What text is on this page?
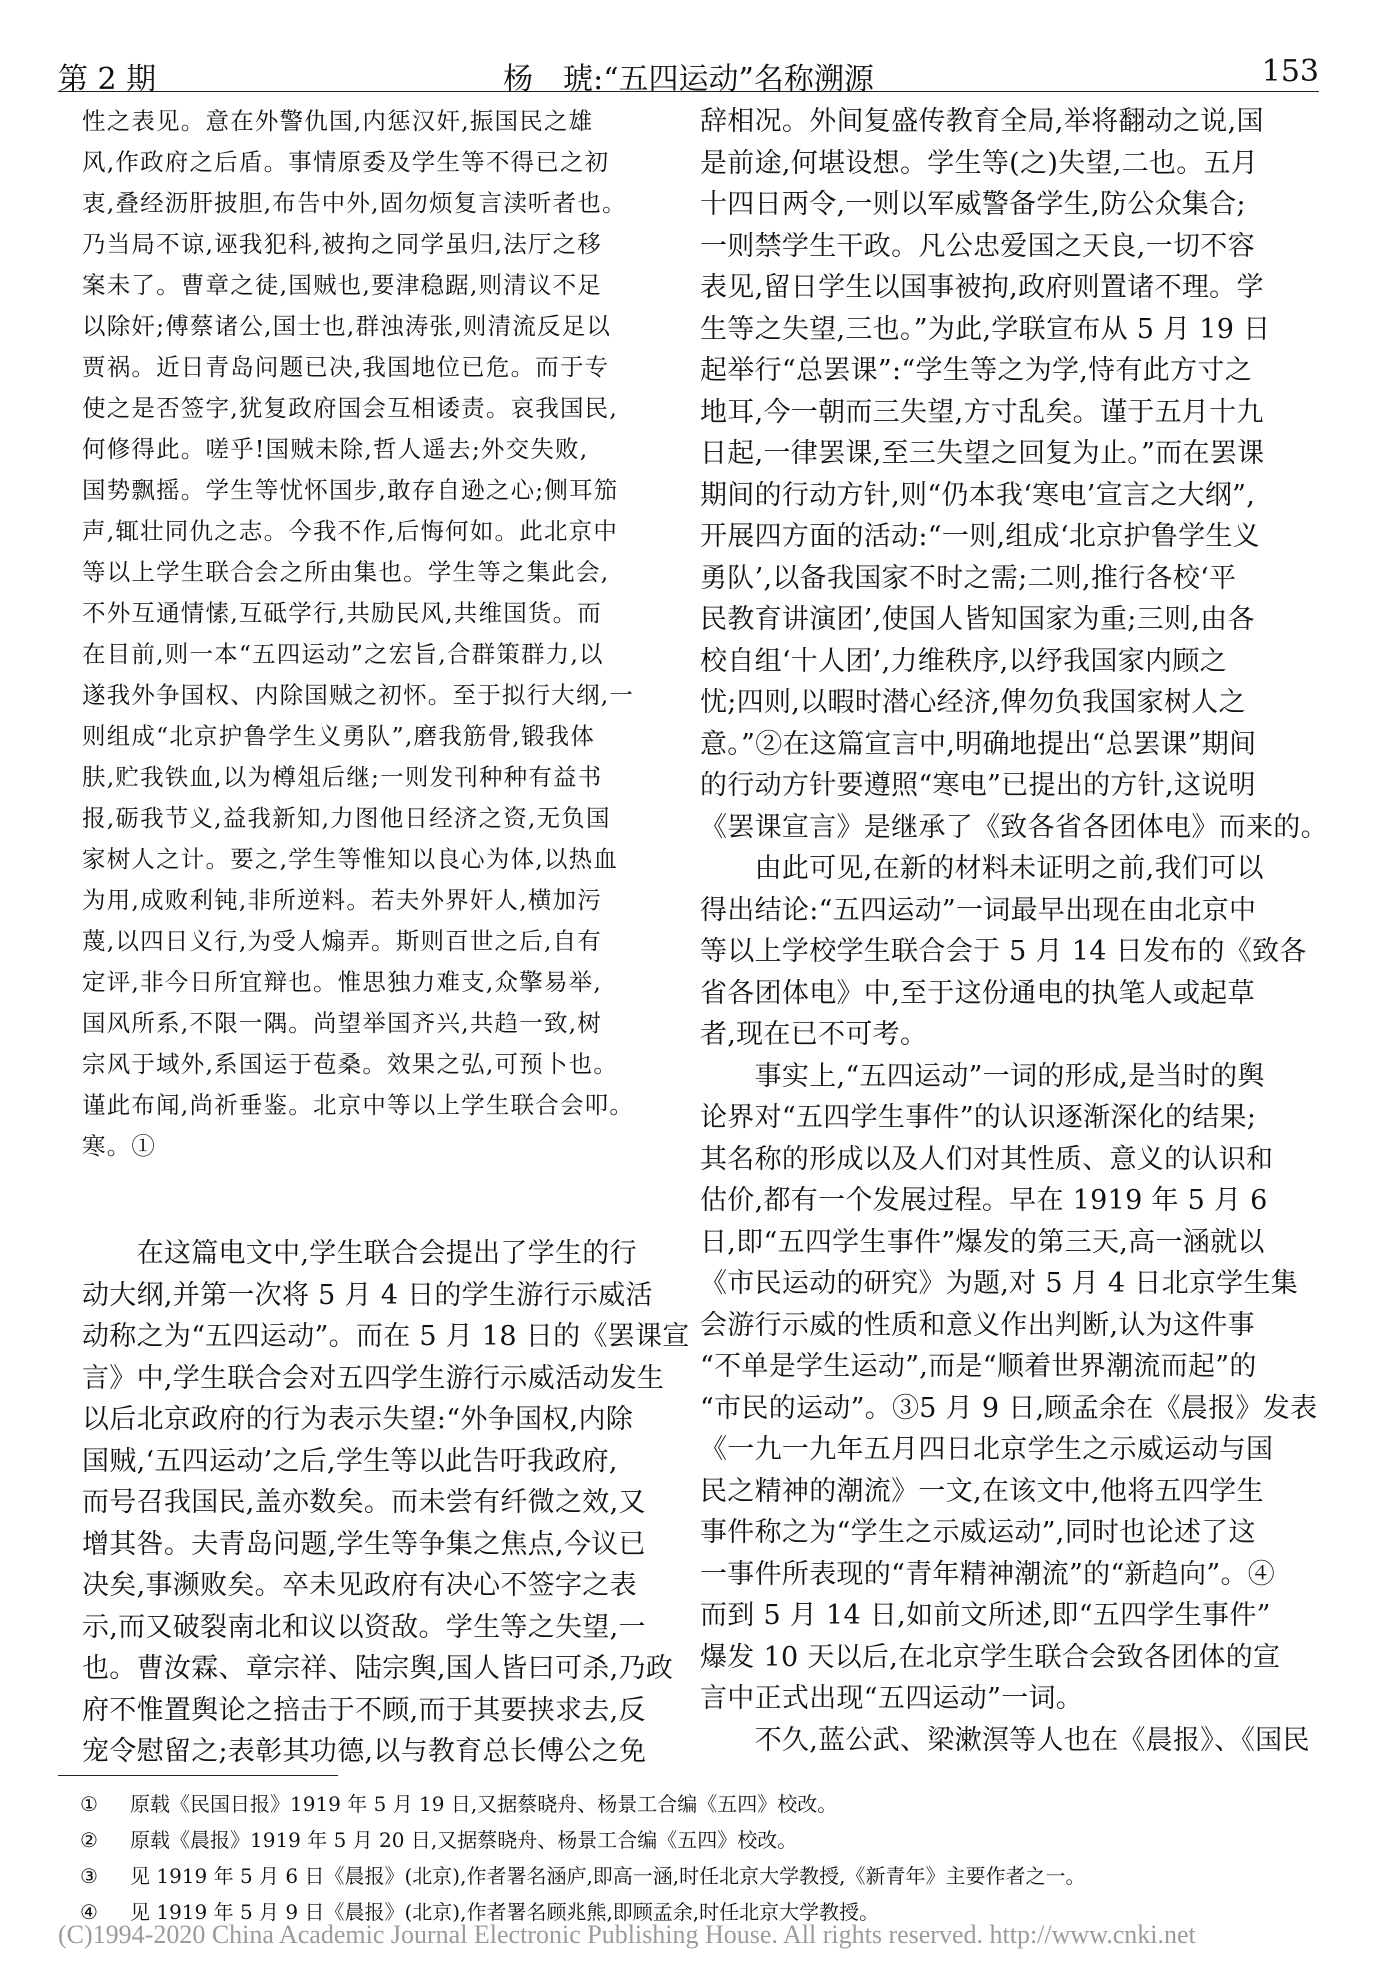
第 2 期	杨　琥:“五四运动”名称溯源	153
性之表见。意在外警仇国,内惩汉奸,振国民之雄
风,作政府之后盾。事情原委及学生等不得已之初
衷,叠经沥肝披胆,布告中外,固勿烦复言渎听者也。
乃当局不谅,诬我犯科,被拘之同学虽归,法厅之移
案未了。曹章之徒,国贼也,要津稳踞,则清议不足
以除奸;傅蔡诸公,国士也,群浊涛张,则清流反足以
贾祸。近日青岛问题已决,我国地位已危。而于专
使之是否签字,犹复政府国会互相诿责。哀我国民,
何修得此。嗟乎!国贼未除,哲人遥去;外交失败,
国势飘摇。学生等忧怀国步,敢存自逊之心;侧耳笳
声,辄壮同仇之志。今我不作,后悔何如。此北京中
等以上学生联合会之所由集也。学生等之集此会,
不外互通情愫,互砥学行,共励民风,共维国货。而
在目前,则一本“五四运动”之宏旨,合群策群力,以
遂我外争国权、内除国贼之初怀。至于拟行大纲,一
则组成“北京护鲁学生义勇队”,磨我筋骨,锻我体
肤,贮我铁血,以为樽俎后继;一则发刊种种有益书
报,砺我节义,益我新知,力图他日经济之资,无负国
家树人之计。要之,学生等惟知以良心为体,以热血
为用,成败利钝,非所逆料。若夫外界奸人,横加污
蔑,以四日义行,为受人煽弄。斯则百世之后,自有
定评,非今日所宜辩也。惟思独力难支,众擎易举,
国风所系,不限一隅。尚望举国齐兴,共趋一致,树
宗风于域外,系国运于苞桑。效果之弘,可预卜也。
谨此布闻,尚祈垂鉴。北京中等以上学生联合会叩。
寒。①
　　在这篇电文中,学生联合会提出了学生的行
动大纲,并第一次将 5 月 4 日的学生游行示威活
动称之为“五四运动”。而在 5 月 18 日的《罢课宣
言》中,学生联合会对五四学生游行示威活动发生
以后北京政府的行为表示失望:“外争国权,内除
国贼,‘五四运动’之后,学生等以此告吁我政府,
而号召我国民,盖亦数矣。而未尝有纤微之效,又
增其咎。夫青岛问题,学生等争集之焦点,今议已
决矣,事濒败矣。卒未见政府有决心不签字之表
示,而又破裂南北和议以资敌。学生等之失望,一
也。曹汝霖、章宗祥、陆宗舆,国人皆曰可杀,乃政
府不惟置舆论之掊击于不顾,而于其要挟求去,反
宠令慰留之;表彰其功德,以与教育总长傅公之免
辞相况。外间复盛传教育全局,举将翻动之说,国
是前途,何堪设想。学生等(之)失望,二也。五月
十四日两令,一则以军威警备学生,防公众集合;
一则禁学生干政。凡公忠爱国之天良,一切不容
表见,留日学生以国事被拘,政府则置诸不理。学
生等之失望,三也。”为此,学联宣布从 5 月 19 日
起举行“总罢课”:“学生等之为学,恃有此方寸之
地耳,今一朝而三失望,方寸乱矣。谨于五月十九
日起,一律罢课,至三失望之回复为止。”而在罢课
期间的行动方针,则“仍本我‘寒电’宣言之大纲”,
开展四方面的活动:“一则,组成‘北京护鲁学生义
勇队’,以备我国家不时之需;二则,推行各校‘平
民教育讲演团’,使国人皆知国家为重;三则,由各
校自组‘十人团’,力维秩序,以纾我国家内顾之
忧;四则,以暇时潜心经济,俾勿负我国家树人之
意。”②在这篇宣言中,明确地提出“总罢课”期间
的行动方针要遵照“寒电”已提出的方针,这说明
《罢课宣言》是继承了《致各省各团体电》而来的。
　　由此可见,在新的材料未证明之前,我们可以
得出结论:“五四运动”一词最早出现在由北京中
等以上学校学生联合会于 5 月 14 日发布的《致各
省各团体电》中,至于这份通电的执笔人或起草
者,现在已不可考。
　　事实上,“五四运动”一词的形成,是当时的舆
论界对“五四学生事件”的认识逐渐深化的结果;
其名称的形成以及人们对其性质、意义的认识和
估价,都有一个发展过程。早在 1919 年 5 月 6
日,即“五四学生事件”爆发的第三天,高一涵就以
《市民运动的研究》为题,对 5 月 4 日北京学生集
会游行示威的性质和意义作出判断,认为这件事
“不单是学生运动”,而是“顺着世界潮流而起”的
“市民的运动”。③5 月 9 日,顾孟余在《晨报》发表
《一九一九年五月四日北京学生之示威运动与国
民之精神的潮流》一文,在该文中,他将五四学生
事件称之为“学生之示威运动”,同时也论述了这
一事件所表现的“青年精神潮流”的“新趋向”。④
而到 5 月 14 日,如前文所述,即“五四学生事件”
爆发 10 天以后,在北京学生联合会致各团体的宣
言中正式出现“五四运动”一词。
　　不久,蓝公武、梁漱溟等人也在《晨报》、《国民
① 原载《民国日报》1919 年 5 月 19 日,又据蔡晓舟、杨景工合编《五四》校改。
② 原载《晨报》1919 年 5 月 20 日,又据蔡晓舟、杨景工合编《五四》校改。
③ 见 1919 年 5 月 6 日《晨报》(北京),作者署名涵庐,即高一涵,时任北京大学教授,《新青年》主要作者之一。
④ 见 1919 年 5 月 9 日《晨报》(北京),作者署名顾兆熊,即顾孟余,时任北京大学教授。
(C)1994-2020 China Academic Journal Electronic Publishing House. All rights reserved. http://www.cnki.net
